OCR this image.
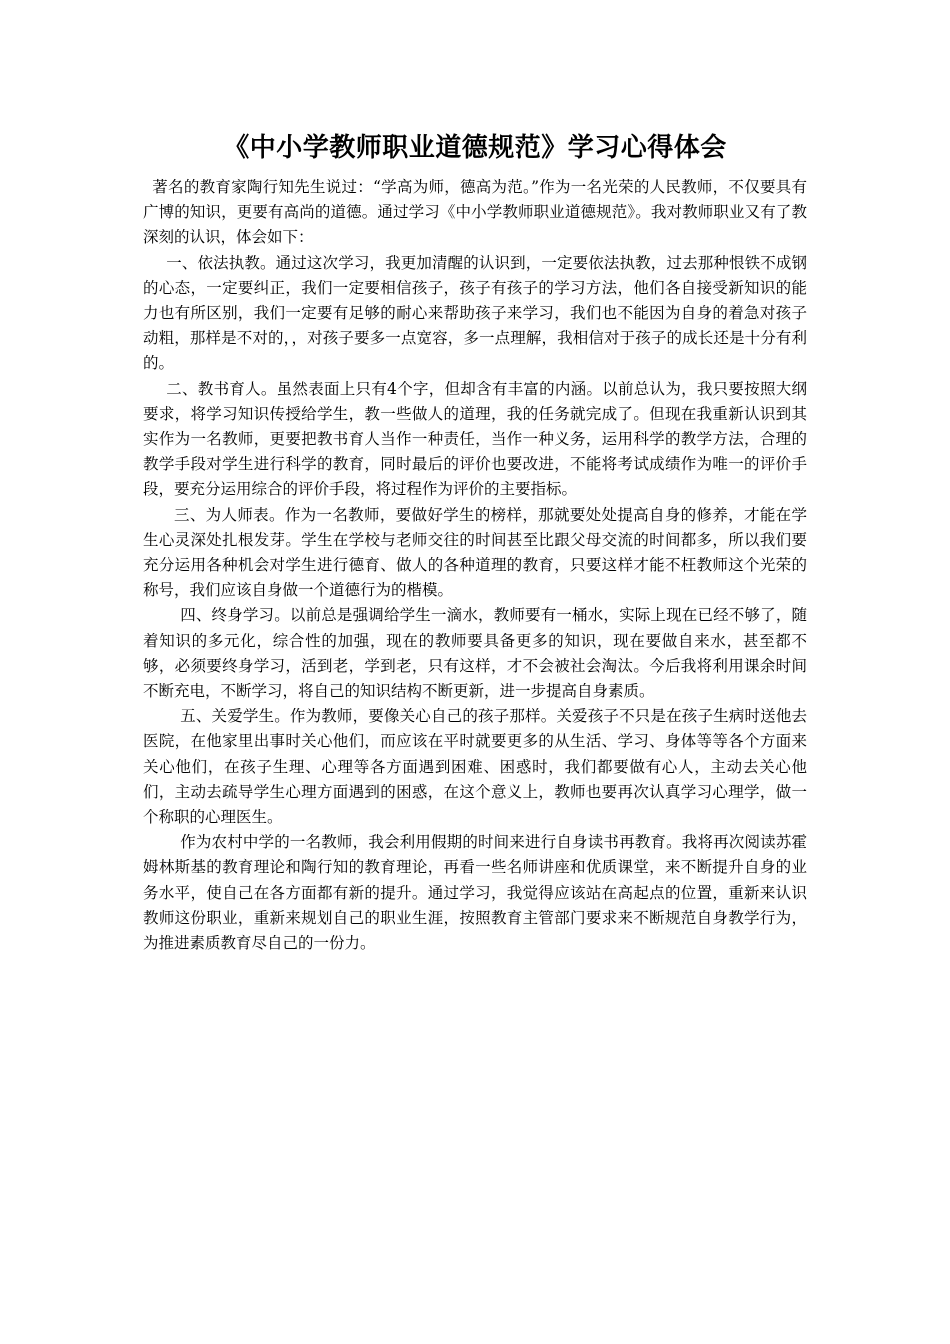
《中小学教师职业道德规范》学习心得体会

著名的教育家陶行知先生说过：“学高为师，德高为范。”作为一名光荣的人民教师，不仅要具有广博的知识，更要有高尚的道德。通过学习《中小学教师职业道德规范》。我对教师职业又有了教深刻的认识，体会如下：

一、依法执教。通过这次学习，我更加清醒的认识到，一定要依法执教，过去那种恨铁不成钢的心态，一定要纠正，我们一定要相信孩子，孩子有孩子的学习方法，他们各自接受新知识的能力也有所区别，我们一定要有足够的耐心来帮助孩子来学习，我们也不能因为自身的着急对孩子动粗，那样是不对的，，对孩子要多一点宽容，多一点理解，我相信对于孩子的成长还是十分有利的。

二、教书育人。虽然表面上只有4个字，但却含有丰富的内涵。以前总认为，我只要按照大纲要求，将学习知识传授给学生，教一些做人的道理，我的任务就完成了。但现在我重新认识到其实作为一名教师，更要把教书育人当作一种责任，当作一种义务，运用科学的教学方法，合理的教学手段对学生进行科学的教育，同时最后的评价也要改进，不能将考试成绩作为唯一的评价手段，要充分运用综合的评价手段，将过程作为评价的主要指标。

三、为人师表。作为一名教师，要做好学生的榜样，那就要处处提高自身的修养，才能在学生心灵深处扎根发芽。学生在学校与老师交往的时间甚至比跟父母交流的时间都多，所以我们要充分运用各种机会对学生进行德育、做人的各种道理的教育，只要这样才能不枉教师这个光荣的称号，我们应该自身做一个道德行为的楷模。

四、终身学习。以前总是强调给学生一滴水，教师要有一桶水，实际上现在已经不够了，随着知识的多元化，综合性的加强，现在的教师要具备更多的知识，现在要做自来水，甚至都不够，必须要终身学习，活到老，学到老，只有这样，才不会被社会淘汰。今后我将利用课余时间不断充电，不断学习，将自己的知识结构不断更新，进一步提高自身素质。

五、关爱学生。作为教师，要像关心自己的孩子那样。关爱孩子不只是在孩子生病时送他去医院，在他家里出事时关心他们，而应该在平时就要更多的从生活、学习、身体等等各个方面来关心他们，在孩子生理、心理等各方面遇到困难、困惑时，我们都要做有心人，主动去关心他们，主动去疏导学生心理方面遇到的困惑，在这个意义上，教师也要再次认真学习心理学，做一个称职的心理医生。

作为农村中学的一名教师，我会利用假期的时间来进行自身读书再教育。我将再次阅读苏霍姆林斯基的教育理论和陶行知的教育理论，再看一些名师讲座和优质课堂，来不断提升自身的业务水平，使自己在各方面都有新的提升。通过学习，我觉得应该站在高起点的位置，重新来认识教师这份职业，重新来规划自己的职业生涯，按照教育主管部门要求来不断规范自身教学行为，为推进素质教育尽自己的一份力。
